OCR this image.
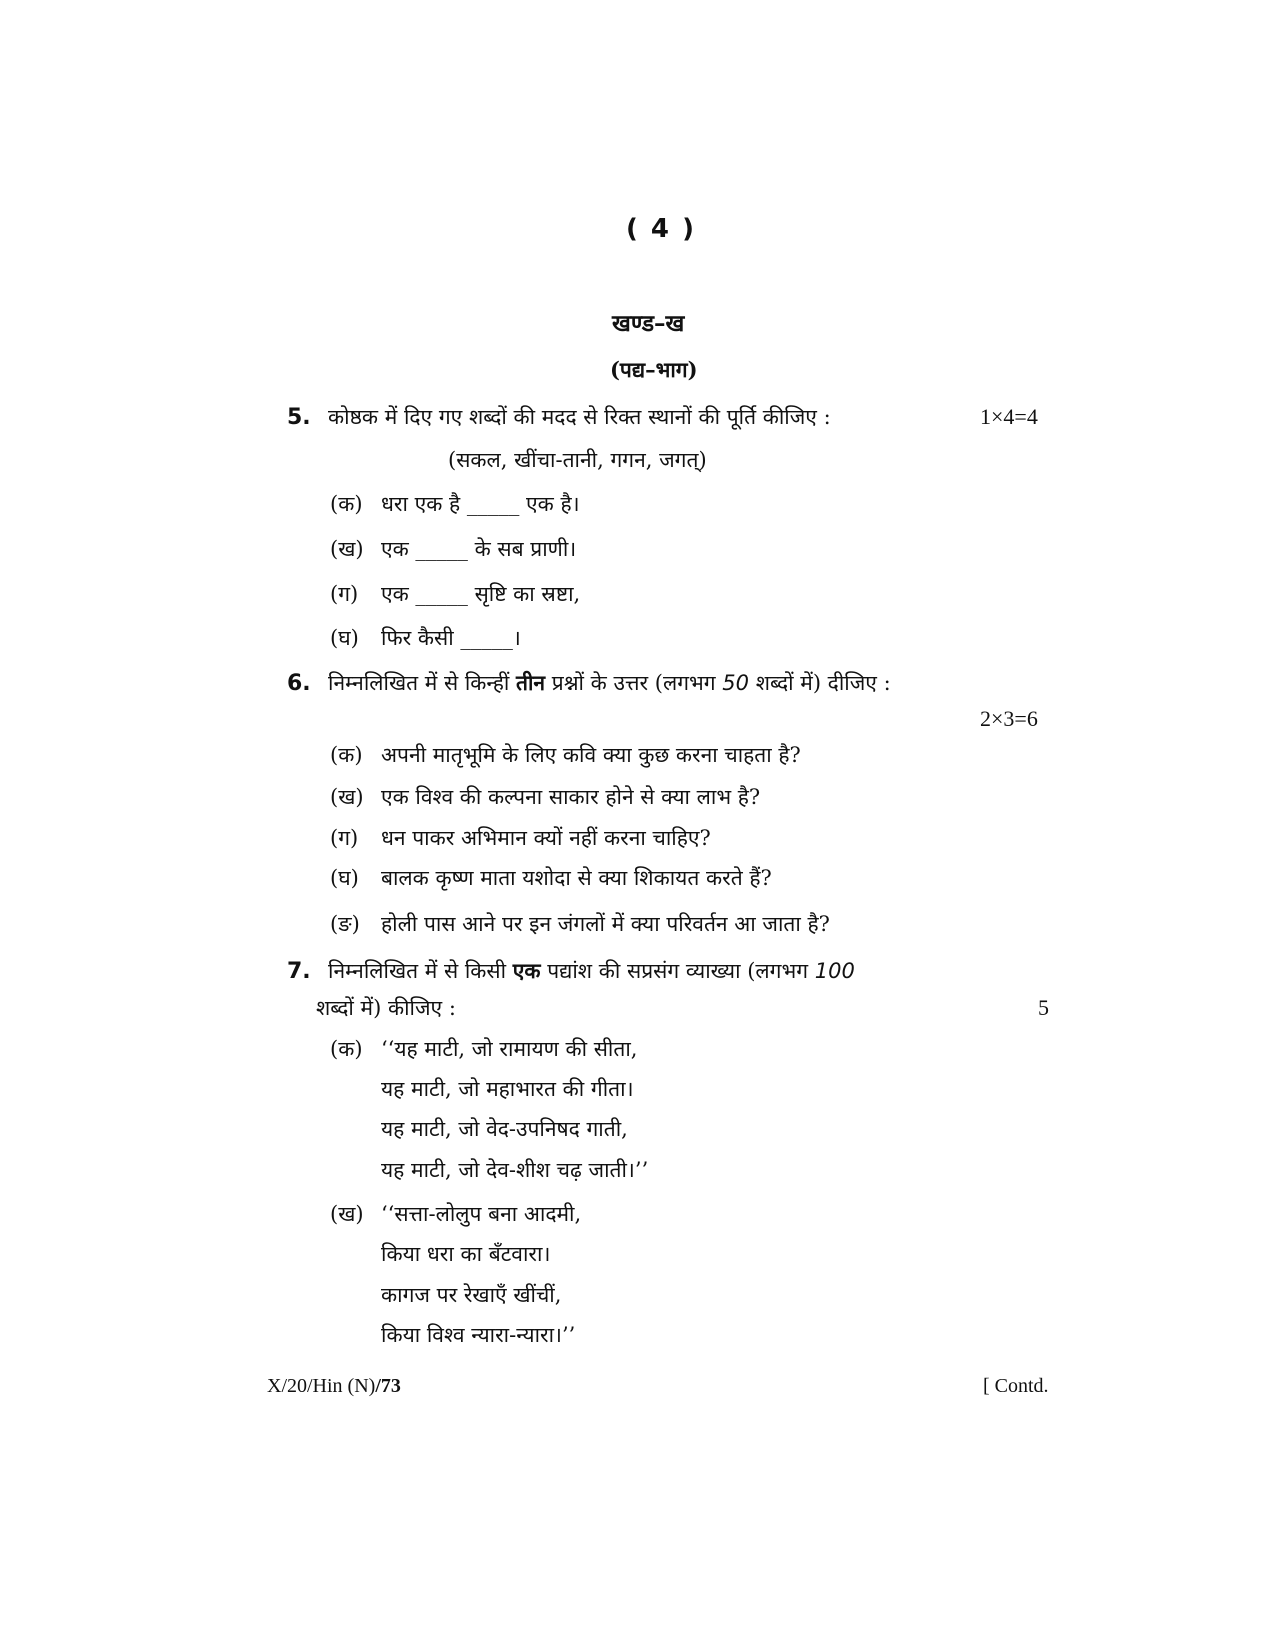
( 4 )
खण्ड–ख
(पद्य–भाग)
5. कोष्ठक में दिए गए शब्दों की मदद से रिक्त स्थानों की पूर्ति कीजिए :	1×4=4
(सकल, खींचा-तानी, गगन, जगत्)
(क) धरा एक है _____ एक है।
(ख) एक _____ के सब प्राणी।
(ग) एक _____ सृष्टि का स्रष्टा,
(घ) फिर कैसी _____।
6. निम्नलिखित में से किन्हीं तीन प्रश्नों के उत्तर (लगभग 50 शब्दों में) दीजिए :
2×3=6
(क) अपनी मातृभूमि के लिए कवि क्या कुछ करना चाहता है?
(ख) एक विश्व की कल्पना साकार होने से क्या लाभ है?
(ग) धन पाकर अभिमान क्यों नहीं करना चाहिए?
(घ) बालक कृष्ण माता यशोदा से क्या शिकायत करते हैं?
(ङ) होली पास आने पर इन जंगलों में क्या परिवर्तन आ जाता है?
7. निम्नलिखित में से किसी एक पद्यांश की सप्रसंग व्याख्या (लगभग 100
शब्दों में) कीजिए :	5
(क) ‘‘यह माटी, जो रामायण की सीता,
यह माटी, जो महाभारत की गीता।
यह माटी, जो वेद-उपनिषद गाती,
यह माटी, जो देव-शीश चढ़ जाती।’’
(ख) ‘‘सत्ता-लोलुप बना आदमी,
किया धरा का बँटवारा।
कागज पर रेखाएँ खींचीं,
किया विश्व न्यारा-न्यारा।’’
X/20/Hin (N)/73	[ Contd.
